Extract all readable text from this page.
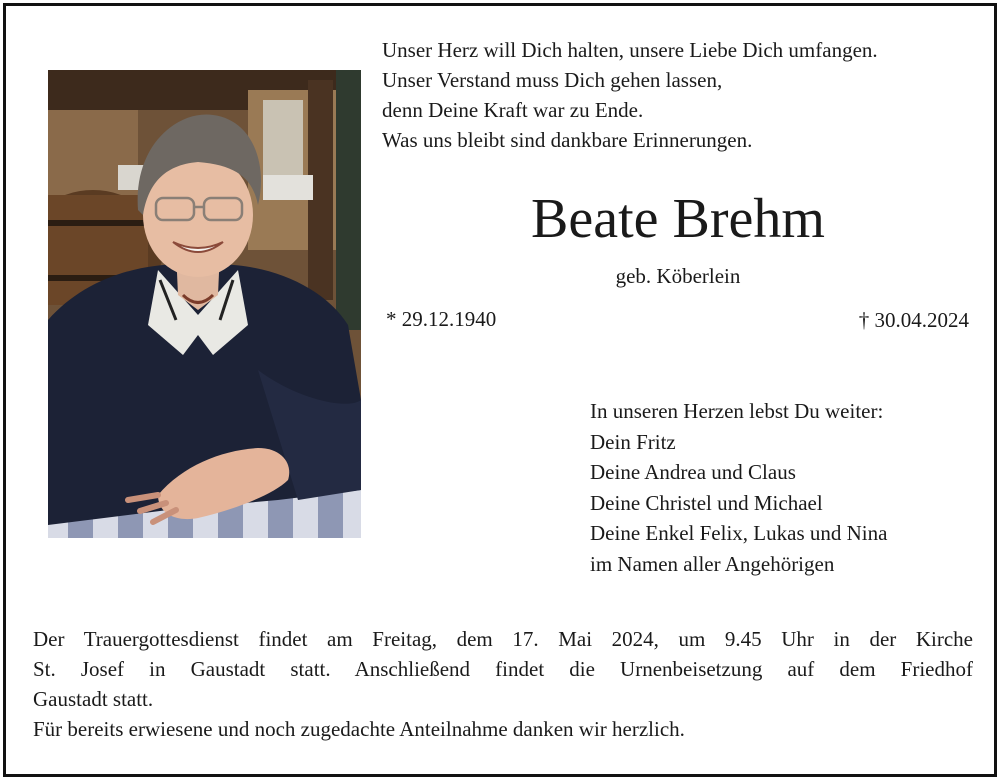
Unser Herz will Dich halten, unsere Liebe Dich umfangen.
Unser Verstand muss Dich gehen lassen,
denn Deine Kraft war zu Ende.
Was uns bleibt sind dankbare Erinnerungen.
Beate Brehm
geb. Köberlein
* 29.12.1940	† 30.04.2024
In unseren Herzen lebst Du weiter:
Dein Fritz
Deine Andrea und Claus
Deine Christel und Michael
Deine Enkel Felix, Lukas und Nina
im Namen aller Angehörigen
Der Trauergottesdienst findet am Freitag, dem 17. Mai 2024, um 9.45 Uhr in der Kirche
St. Josef in Gaustadt statt. Anschließend findet die Urnenbeisetzung auf dem Friedhof
Gaustadt statt.
Für bereits erwiesene und noch zugedachte Anteilnahme danken wir herzlich.
